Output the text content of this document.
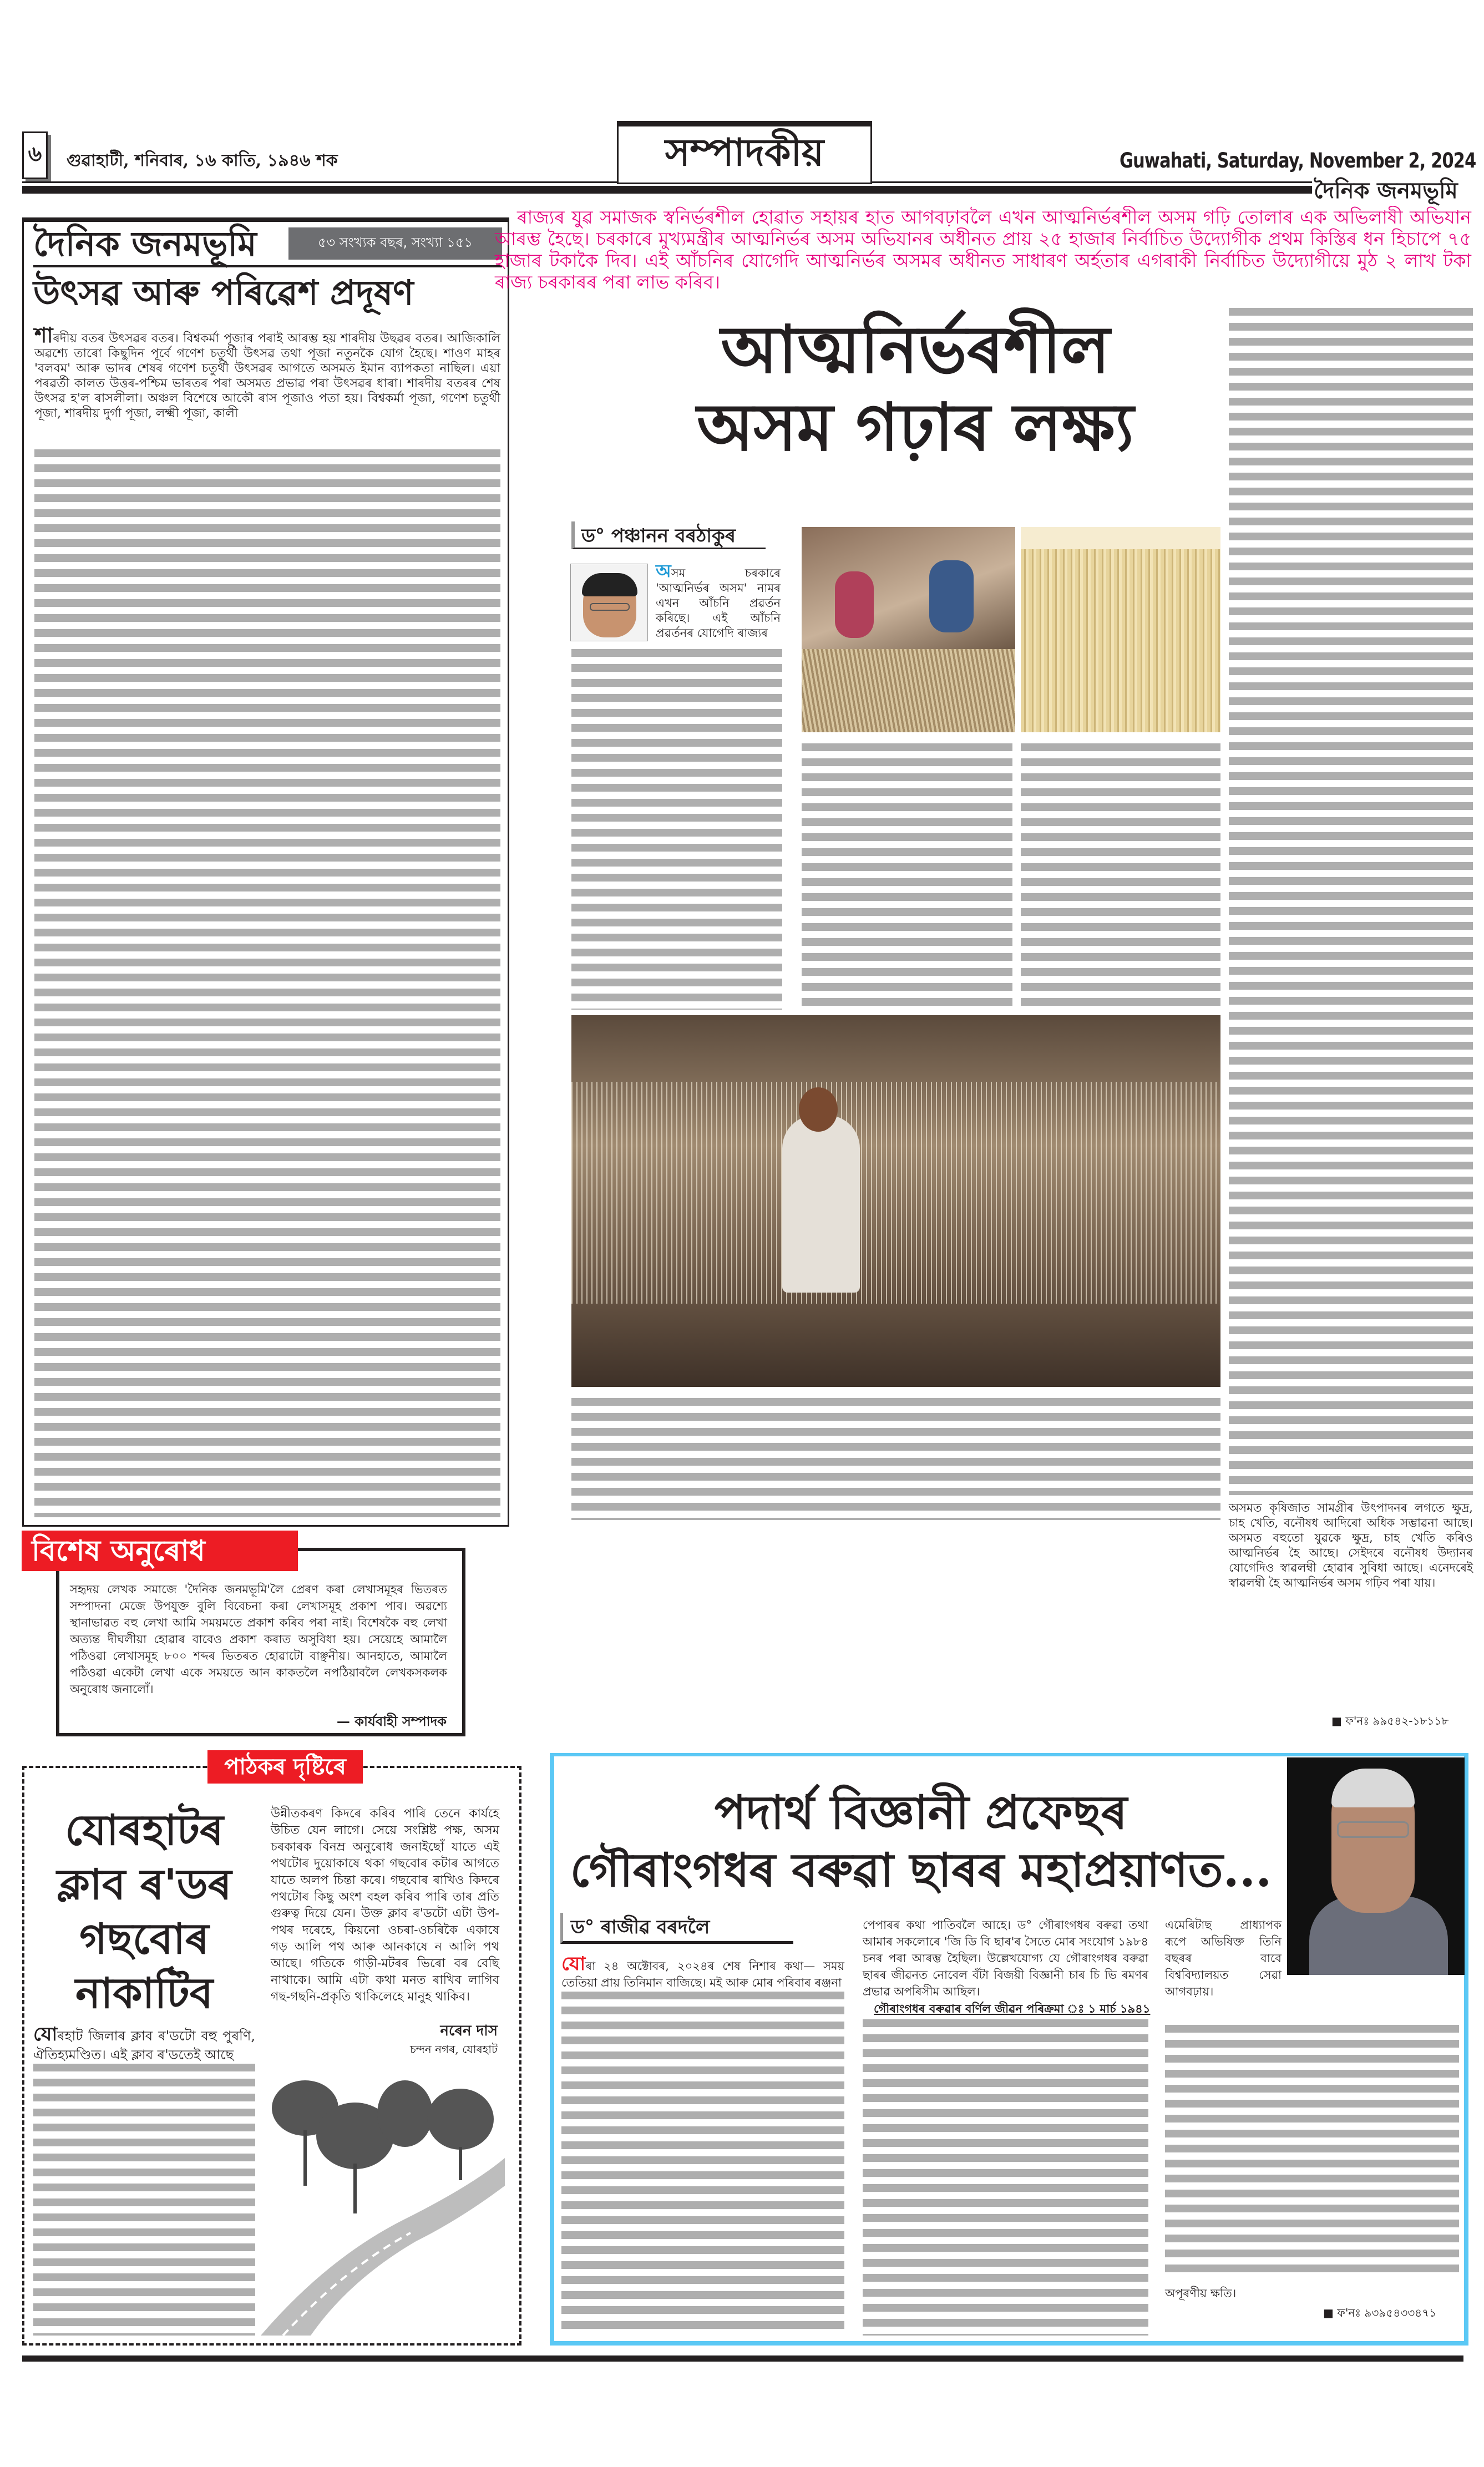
৬ গুৱাহাটী, শনিবাৰ, ১৬ কাতি, ১৯৪৬ শক	সম্পাদকীয়	Guwahati, Saturday, November 2, 2024
দৈনিক জনমভূমি
দৈনিক জনমভূমি	৫৩ সংখ্যক বছৰ, সংখ্যা ১৫১
উৎসৱ আৰু পৰিৱেশ প্ৰদূষণ
শাৰদীয় বতৰ উৎসৱৰ বতৰ। বিশ্বকৰ্মা পূজাৰ পৰাই আৰম্ভ হয় শাৰদীয় উছৱৰ বতৰ। আজিকালি অৱশ্যে তাৰো কিছুদিন পূৰ্বে গণেশ চতুৰ্থী উৎসৱ তথা পূজা নতুনকৈ যোগ হৈছে। শাওণ মাহৰ 'বলবম' আৰু ভাদৰ শেষৰ গণেশ চতুৰ্থী উৎসৱৰ আগতে অসমত ইমান ব্যাপকতা নাছিল। এয়া পৰৱৰ্তী কালত উত্তৰ-পশ্চিম ভাৰতৰ পৰা অসমত প্ৰভাৱ পৰা উৎসৱৰ ধাৰা। শাৰদীয় বতৰৰ শেষ উৎসৱ হ'ল ৰাসলীলা। অঞ্চল বিশেষে আকৌ ৰাস পূজাও পতা হয়। বিশ্বকৰ্মা পূজা, গণেশ চতুৰ্থী পূজা, শাৰদীয় দুৰ্গা পূজা, লক্ষ্মী পূজা, কালী
বিশেষ অনুৰোধ
সহৃদয় লেখক সমাজে 'দৈনিক জনমভূমি'লৈ প্ৰেৰণ কৰা লেখাসমূহৰ ভিতৰত সম্পাদনা মেজে উপযুক্ত বুলি বিবেচনা কৰা লেখাসমূহ প্ৰকাশ পাব। অৱশ্যে স্থানাভাৱত বহু লেখা আমি সময়মতে প্ৰকাশ কৰিব পৰা নাই। বিশেষকৈ বহু লেখা অত্যন্ত দীঘলীয়া হোৱাৰ বাবেও প্ৰকাশ কৰাত অসুবিধা হয়। সেয়েহে আমালৈ পঠিওৱা লেখাসমূহ ৮০০ শব্দৰ ভিতৰত হোৱাটো বাঞ্ছনীয়। আনহাতে, আমালৈ পঠিওৱা একেটা লেখা একে সময়তে আন কাকতলৈ নপঠিয়াবলৈ লেখকসকলক অনুৰোধ জনালোঁ।
— কাৰ্যবাহী সম্পাদক
পাঠকৰ দৃষ্টিৰে
যোৰহাটৰ
ক্লাব ৰ'ডৰ
গছবোৰ
নাকাটিব
যোৰহাট জিলাৰ ক্লাব ৰ'ডটো বহু পুৰণি, ঐতিহ্যমণ্ডিত। এই ক্লাব ৰ'ডতেই আছে
উন্নীতকৰণ কিদৰে কৰিব পাৰি তেনে কাৰ্যহে উচিত যেন লাগে। সেয়ে সংশ্লিষ্ট পক্ষ, অসম চৰকাৰক বিনম্ৰ অনুৰোধ জনাইছোঁ যাতে এই পথটোৰ দুয়োকাষে থকা গছবোৰ কটাৰ আগতে যাতে অলপ চিন্তা কৰে। গছবোৰ ৰাখিও কিদৰে পথটোৰ কিছু অংশ বহল কৰিব পাৰি তাৰ প্ৰতি গুৰুত্ব দিয়ে যেন। উক্ত ক্লাব ৰ'ডটো এটা উপ-পথৰ দৰেহে, কিয়নো ওচৰা-ওচৰিকৈ একাষে গড় আলি পথ আৰু আনকাষে ন আলি পথ আছে। গতিকে গাড়ী-মটৰৰ ভিৰো বৰ বেছি নাথাকে। আমি এটা কথা মনত ৰাখিব লাগিব গছ-গছনি-প্ৰকৃতি থাকিলেহে মানুহ থাকিব।
নৰেন দাস
চন্দন নগৰ, যোৰহাট
ৰাজ্যৰ যুৱ সমাজক স্বনিৰ্ভৰশীল হোৱাত সহায়ৰ হাত আগবঢ়াবলৈ এখন আত্মনিৰ্ভৰশীল অসম গঢ়ি তোলাৰ এক অভিলাষী অভিযান আৰম্ভ হৈছে। চৰকাৰে মুখ্যমন্ত্ৰীৰ আত্মনিৰ্ভৰ অসম অভিযানৰ অধীনত প্ৰায় ২৫ হাজাৰ নিৰ্বাচিত উদ্যোগীক প্ৰথম কিস্তিৰ ধন হিচাপে ৭৫ হাজাৰ টকাকৈ দিব। এই আঁচনিৰ যোগেদি আত্মনিৰ্ভৰ অসমৰ অধীনত সাধাৰণ অৰ্হতাৰ এগৰাকী নিৰ্বাচিত উদ্যোগীয়ে মুঠ ২ লাখ টকা ৰাজ্য চৰকাৰৰ পৰা লাভ কৰিব।
আত্মনিৰ্ভৰশীল
অসম গঢ়াৰ লক্ষ্য
ড° পঞ্চানন বৰঠাকুৰ
অসম চৰকাৰে 'আত্মনিৰ্ভৰ অসম' নামৰ এখন আঁচনি প্ৰৱৰ্তন কৰিছে। এই আঁচনি প্ৰৱৰ্তনৰ যোগেদি ৰাজ্যৰ
অসমত কৃষিজাত সামগ্ৰীৰ উৎপাদনৰ লগতে ক্ষুদ্ৰ, চাহ খেতি, বনৌষধ আদিৰো অধিক সম্ভাৱনা আছে। অসমত বহুতো যুৱকে ক্ষুদ্ৰ, চাহ খেতি কৰিও আত্মনিৰ্ভৰ হৈ আছে। সেইদৰে বনৌষধ উদ্যানৰ যোগেদিও স্বাৱলম্বী হোৱাৰ সুবিধা আছে। এনেদৰেই স্বাৱলম্বী হৈ আত্মনিৰ্ভৰ অসম গঢ়িব পৰা যায়।
■ ফ'নঃ ৯৯৫৪২-১৮১১৮
পদাৰ্থ বিজ্ঞানী প্ৰফেছৰ
গৌৰাংগধৰ বৰুৱা ছাৰৰ মহাপ্ৰয়াণত...
ড° ৰাজীৱ বৰদলৈ
যোৰা ২৪ অক্টোবৰ, ২০২৪ৰ শেষ নিশাৰ কথা— সময় তেতিয়া প্ৰায় তিনিমান বাজিছে। মই আৰু মোৰ পৰিবাৰ ৰঞ্জনা
পেপাৰৰ কথা পাতিবলৈ আহে। ড° গৌৰাংগধৰ বৰুৱা তথা আমাৰ সকলোৰে 'জি ডি বি ছাৰ'ৰ সৈতে মোৰ সংযোগ ১৯৮৪ চনৰ পৰা আৰম্ভ হৈছিল। উল্লেখযোগ্য যে গৌৰাংগধৰ বৰুৱা ছাৰৰ জীৱনত নোবেল বঁটা বিজয়ী বিজ্ঞানী চাৰ চি ভি ৰমণৰ প্ৰভাৱ অপৰিসীম আছিল।
গৌৰাংগধৰ বৰুৱাৰ বৰ্ণিল জীৱন পৰিক্ৰমা ঃ ১ মাৰ্চ ১৯৪১
এমেৰিটাছ প্ৰাধ্যাপক ৰূপে অভিষিক্ত তিনি বছৰৰ বাবে বিশ্ববিদ্যালয়ত সেৱা আগবঢ়ায়।
অপূৰণীয় ক্ষতি।
■ ফ'নঃ ৯৩৯৫৪৩৩৪৭১
